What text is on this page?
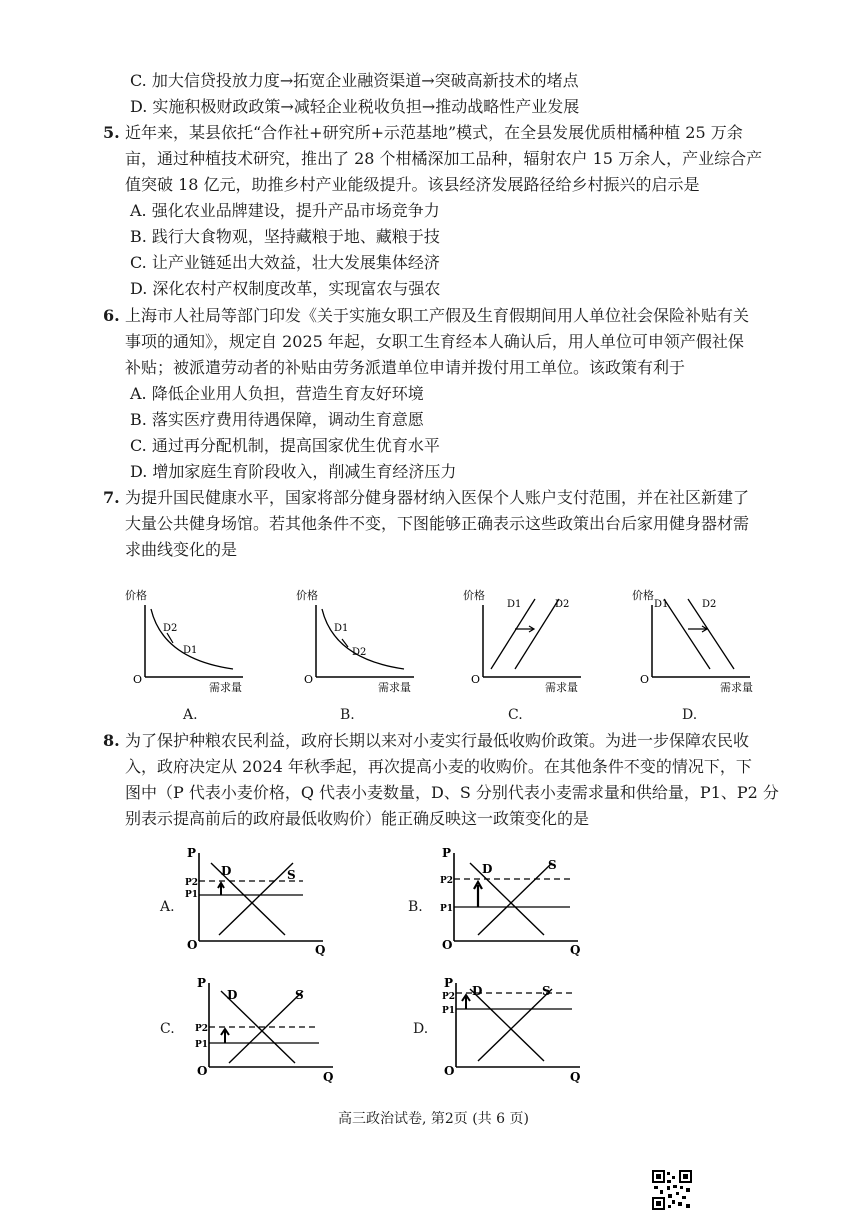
C. 加大信贷投放力度→拓宽企业融资渠道→突破高新技术的堵点
D. 实施积极财政政策→减轻企业税收负担→推动战略性产业发展
5. 近年来，某县依托“合作社+研究所+示范基地”模式，在全县发展优质柑橘种植 25 万余
亩，通过种植技术研究，推出了 28 个柑橘深加工品种，辐射农户 15 万余人，产业综合产
值突破 18 亿元，助推乡村产业能级提升。该县经济发展路径给乡村振兴的启示是
A. 强化农业品牌建设，提升产品市场竞争力
B. 践行大食物观，坚持藏粮于地、藏粮于技
C. 让产业链延出大效益，壮大发展集体经济
D. 深化农村产权制度改革，实现富农与强农
6. 上海市人社局等部门印发《关于实施女职工产假及生育假期间用人单位社会保险补贴有关
事项的通知》，规定自 2025 年起，女职工生育经本人确认后，用人单位可申领产假社保
补贴；被派遣劳动者的补贴由劳务派遣单位申请并拨付用工单位。该政策有利于
A. 降低企业用人负担，营造生育友好环境
B. 落实医疗费用待遇保障，调动生育意愿
C. 通过再分配机制，提高国家优生优育水平
D. 增加家庭生育阶段收入，削减生育经济压力
7. 为提升国民健康水平，国家将部分健身器材纳入医保个人账户支付范围，并在社区新建了
大量公共健身场馆。若其他条件不变，下图能够正确表示这些政策出台后家用健身器材需
求曲线变化的是
价格
O
需求量
D2
D1
A.
价格
O
需求量
D1
D2
B.
价格
O
需求量
D1	D2
C.
价格
O
需求量
D1	D2
D.
8. 为了保护种粮农民利益，政府长期以来对小麦实行最低收购价政策。为进一步保障农民收
入，政府决定从 2024 年秋季起，再次提高小麦的收购价。在其他条件不变的情况下，下
图中（P 代表小麦价格，Q 代表小麦数量，D、S 分别代表小麦需求量和供给量，P1、P2 分
别表示提高前后的政府最低收购价）能正确反映这一政策变化的是
A.
P
O	Q
D	S
P2
P1
B.
P
O	Q
D	S
P2
P1
C.
P
O	Q
D	S
P2
P1
D.
P
O	Q
D	S
P2
P1
高三政治试卷, 第2页 (共 6 页)
